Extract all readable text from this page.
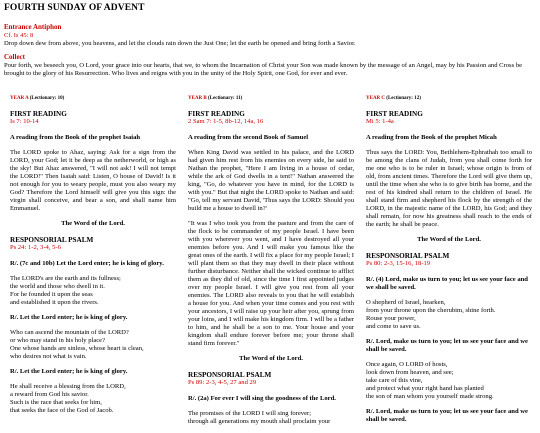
FOURTH SUNDAY OF ADVENT
Entrance Antiphon
Cf. Is 45: 8
Drop down dew from above, you heavens, and let the clouds rain down the Just One; let the earth be opened and bring forth a Savior.
Collect
Pour forth, we beseech you, O Lord, your grace into our hearts, that we, to whom the Incarnation of Christ your Son was made known by the message of an Angel, may by his Passion and Cross be brought to the glory of his Resurrection. Who lives and reigns with you in the unity of the Holy Spirit, one God, for ever and ever.
YEAR A (Lectionary: 10)
FIRST READING
Is 7: 10-14
A reading from the Book of the prophet Isaiah
The LORD spoke to Ahaz, saying: Ask for a sign from the LORD, your God; let it be deep as the netherworld, or high as the sky! But Ahaz answered, "I will not ask! I will not tempt the LORD!" Then Isaiah said: Listen, O house of David! Is it not enough for you to weary people, must you also weary my God? Therefore the Lord himself will give you this sign: the virgin shall conceive, and bear a son, and shall name him Emmanuel.
The Word of the Lord.
RESPONSORIAL PSALM
Ps 24: 1-2, 3-4, 5-6
R/. (7c and 10b) Let the Lord enter; he is king of glory.
The LORD's are the earth and its fullness;
the world and those who dwell in it.
For he founded it upon the seas
and established it upon the rivers.
R/. Let the Lord enter; he is king of glory.
Who can ascend the mountain of the LORD?
or who may stand in his holy place?
One whose hands are sinless, whose heart is clean,
who desires not what is vain.
R/. Let the Lord enter; he is king of glory.
He shall receive a blessing from the LORD,
a reward from God his savior.
Such is the race that seeks for him,
that seeks the face of the God of Jacob.
YEAR B (Lectionary: 11)
FIRST READING
2 Sam 7: 1-5, 8b-12, 14a, 16
A reading from the second Book of Samuel
When King David was settled in his palace, and the LORD had given him rest from his enemies on every side, he said to Nathan the prophet, "Here I am living in a house of cedar, while the ark of God dwells in a tent!" Nathan answered the king, "Go, do whatever you have in mind, for the LORD is with you." But that night the LORD spoke to Nathan and said: "Go, tell my servant David, 'Thus says the LORD: Should you build me a house to dwell in?'
"It was I who took you from the pasture and from the care of the flock to be commander of my people Israel. I have been with you wherever you went, and I have destroyed all your enemies before you. And I will make you famous like the great ones of the earth. I will fix a place for my people Israel; I will plant them so that they may dwell in their place without further disturbance. Neither shall the wicked continue to afflict them as they did of old, since the time I first appointed judges over my people Israel. I will give you rest from all your enemies. The LORD also reveals to you that he will establish a house for you. And when your time comes and you rest with your ancestors, I will raise up your heir after you, sprung from your loins, and I will make his kingdom firm. I will be a father to him, and he shall be a son to me. Your house and your kingdom shall endure forever before me; your throne shall stand firm forever."
The Word of the Lord.
RESPONSORIAL PSALM
Ps 89: 2-3, 4-5, 27 and 29
R/. (2a) For ever I will sing the goodness of the Lord.
The promises of the LORD I will sing forever;
through all generations my mouth shall proclaim your
YEAR C (Lectionary: 12)
FIRST READING
Mi 5: 1-4a
A reading from the Book of the prophet Micah
Thus says the LORD: You, Bethlehem-Ephrathah too small to be among the clans of Judah, from you shall come forth for me one who is to be ruler in Israel; whose origin is from of old, from ancient times. Therefore the Lord will give them up, until the time when she who is to give birth has borne, and the rest of his kindred shall return to the children of Israel. He shall stand firm and shepherd his flock by the strength of the LORD, in the majestic name of the LORD, his God; and they shall remain, for now his greatness shall reach to the ends of the earth; he shall be peace.
The Word of the Lord.
RESPONSORIAL PSALM
Ps 80: 2-3, 15-16, 18-19
R/. (4) Lord, make us turn to you; let us see your face and we shall be saved.
O shepherd of Israel, hearken,
from your throne upon the cherubim, shine forth.
Rouse your power,
and come to save us.
R/. Lord, make us turn to you; let us see your face and we shall be saved.
Once again, O LORD of hosts,
look down from heaven, and see;
take care of this vine,
and protect what your right hand has planted
the son of man whom you yourself made strong.
R/. Lord, make us turn to you; let us see your face and we shall be saved.
